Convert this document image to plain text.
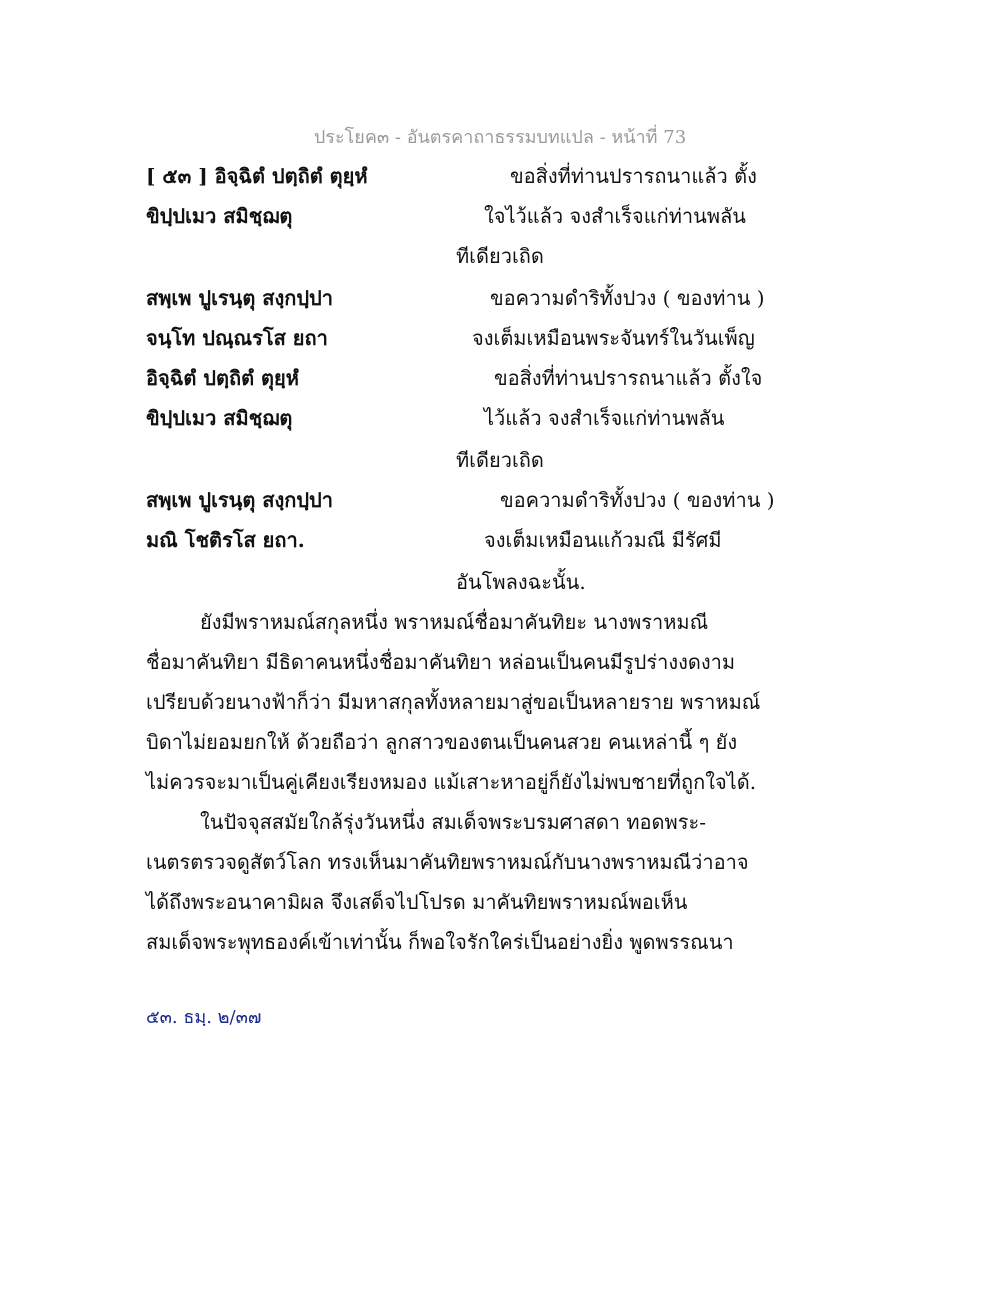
ประโยค๓ - อันตรคาถาธรรมบทแปล - หน้าที่ 73
[ ๕๓ ] อิจฺฉิตํ ปตฺถิตํ ตุยฺหํ	ขอสิ่งที่ท่านปรารถนาแล้ว ตั้ง
ขิปฺปเมว สมิชฺฌตุ	ใจไว้แล้ว จงสำเร็จแก่ท่านพลัน
ทีเดียวเถิด
สพฺเพ ปูเรนฺตุ สงฺกปฺปา	ขอความดำริทั้งปวง ( ของท่าน )
จนฺโท ปณฺณรโส ยถา	จงเต็มเหมือนพระจันทร์ในวันเพ็ญ
อิจฺฉิตํ ปตฺถิตํ ตุยฺหํ	ขอสิ่งที่ท่านปรารถนาแล้ว ตั้งใจ
ขิปฺปเมว สมิชฺฌตุ	ไว้แล้ว จงสำเร็จแก่ท่านพลัน
ทีเดียวเถิด
สพฺเพ ปูเรนฺตุ สงฺกปฺปา	ขอความดำริทั้งปวง ( ของท่าน )
มณิ โชติรโส ยถา.	จงเต็มเหมือนแก้วมณี มีรัศมี
อันโพลงฉะนั้น.
ยังมีพราหมณ์สกุลหนึ่ง พราหมณ์ชื่อมาคันทิยะ นางพราหมณี
ชื่อมาคันทิยา มีธิดาคนหนึ่งชื่อมาคันทิยา หล่อนเป็นคนมีรูปร่างงดงาม
เปรียบด้วยนางฟ้าก็ว่า มีมหาสกุลทั้งหลายมาสู่ขอเป็นหลายราย พราหมณ์
บิดาไม่ยอมยกให้ ด้วยถือว่า ลูกสาวของตนเป็นคนสวย คนเหล่านี้ ๆ ยัง
ไม่ควรจะมาเป็นคู่เคียงเรียงหมอง แม้เสาะหาอยู่ก็ยังไม่พบชายที่ถูกใจได้.
ในปัจจุสสมัยใกล้รุ่งวันหนึ่ง สมเด็จพระบรมศาสดา ทอดพระ-
เนตรตรวจดูสัตว์โลก ทรงเห็นมาคันทิยพราหมณ์กับนางพราหมณีว่าอาจ
ได้ถึงพระอนาคามิผล จึงเสด็จไปโปรด มาคันทิยพราหมณ์พอเห็น
สมเด็จพระพุทธองค์เข้าเท่านั้น ก็พอใจรักใคร่เป็นอย่างยิ่ง พูดพรรณนา
๕๓. ธมฺ. ๒/๓๗
